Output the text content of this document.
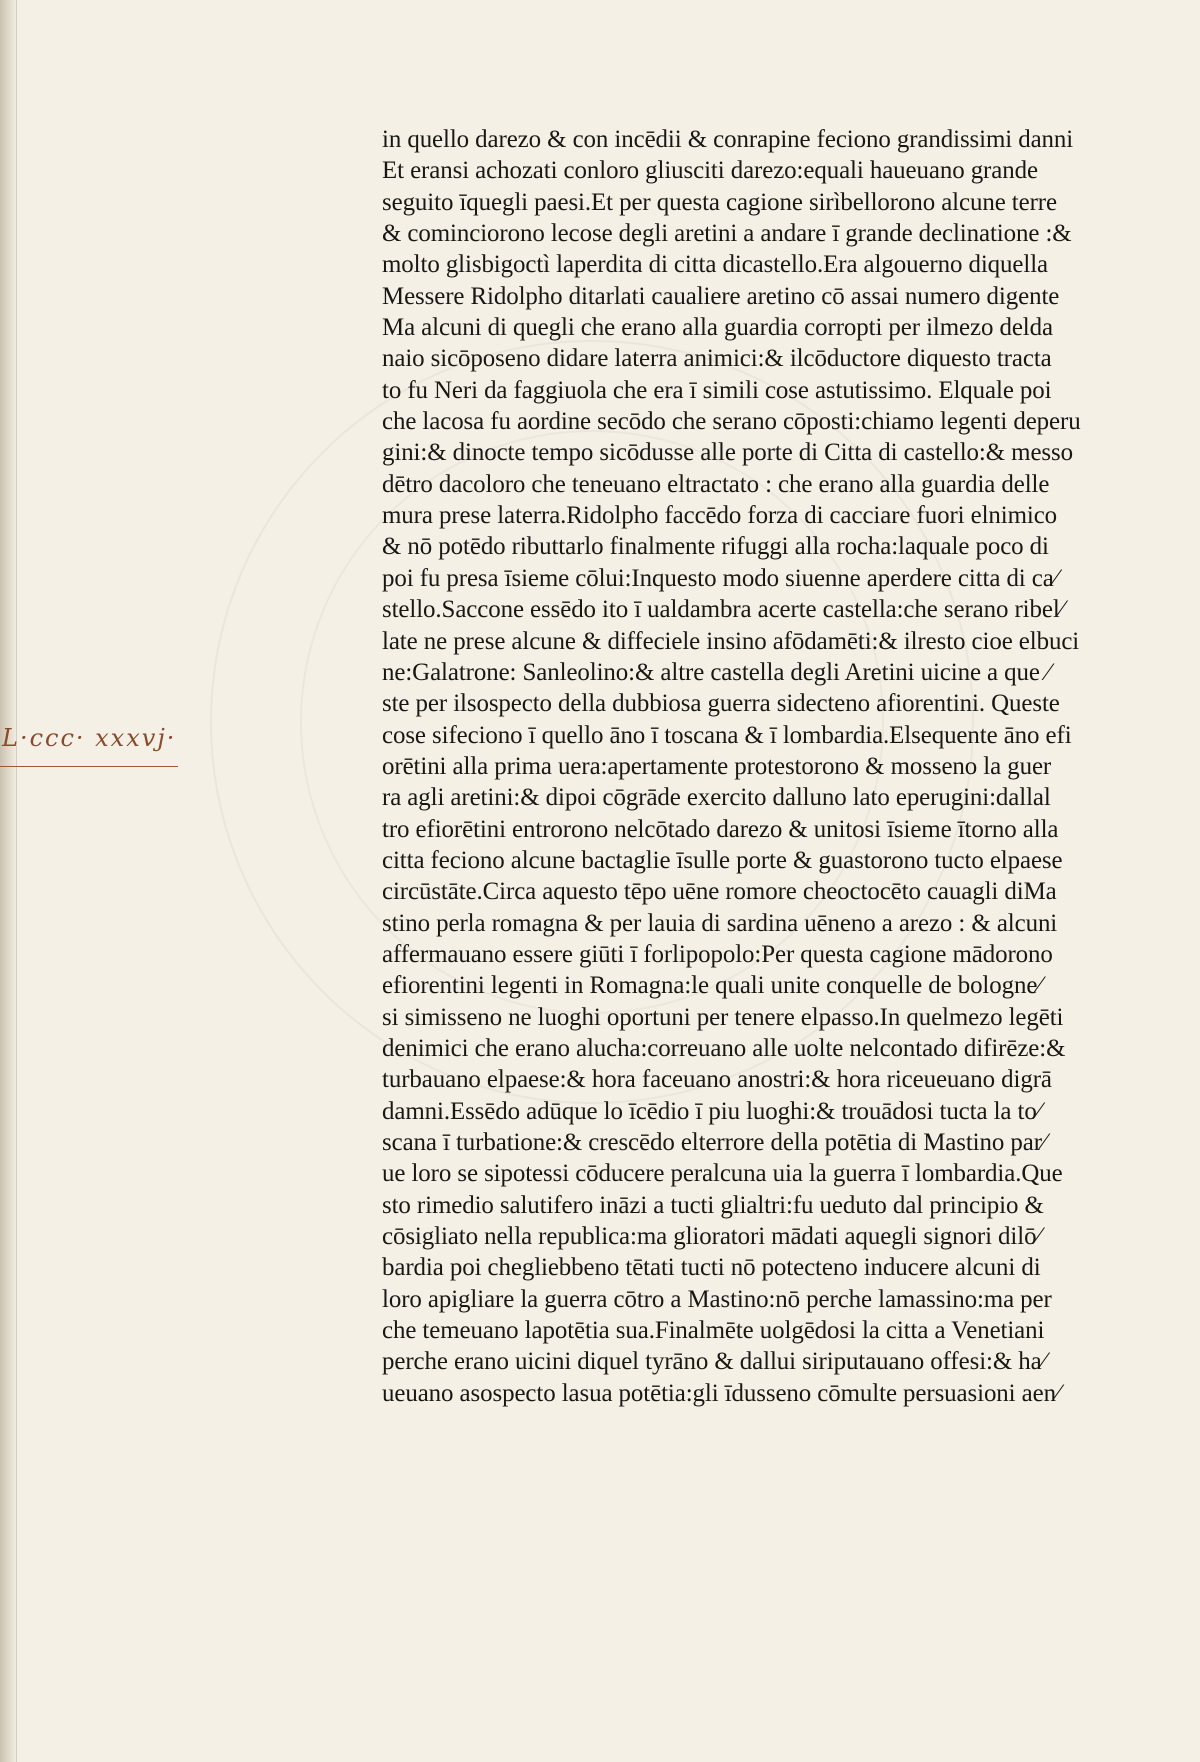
L·ccc· xxxvj·
in quello darezo & con incēdii & conrapine feciono grandissimi danni
Et eransi achozati conloro gliusciti darezo:equali haueuano grande
seguito īquegli paesi.Et per questa cagione sirìbellorono alcune terre
& cominciorono lecose degli aretini a andare ī grande declinatione :&
molto glisbigoctì laperdita di citta dicastello.Era algouerno diquella
Messere Ridolpho ditarlati caualiere aretino cō assai numero digente
Ma alcuni di quegli che erano alla guardia corropti per ilmezo delda
naio sicōposeno didare laterra animici:& ilcōductore diquesto tracta
to fu Neri da faggiuola che era ī simili cose astutissimo. Elquale poi
che lacosa fu aordine secōdo che serano cōposti:chiamo legenti deperu
gini:& dinocte tempo sicōdusse alle porte di Citta di castello:& messo
dētro dacoloro che teneuano eltractato : che erano alla guardia delle
mura prese laterra.Ridolpho faccēdo forza di cacciare fuori elnimico
& nō potēdo ributtarlo finalmente rifuggi alla rocha:laquale poco di
poi fu presa īsieme cōlui:Inquesto modo siuenne aperdere citta di ca⁄
stello.Saccone essēdo ito ī ualdambra acerte castella:che serano ribel⁄
late ne prese alcune & diffeciele insino afōdamēti:& ilresto cioe elbuci
ne:Galatrone: Sanleolino:& altre castella degli Aretini uicine a que ⁄
ste per ilsospecto della dubbiosa guerra sidecteno afiorentini. Queste
cose sifeciono ī quello āno ī toscana & ī lombardia.Elsequente āno efi
orētini alla prima uera:apertamente protestorono & mosseno la guer
ra agli aretini:& dipoi cōgrāde exercito dalluno lato eperugini:dallal
tro efiorētini entrorono nelcōtado darezo & unitosi īsieme ītorno alla
citta feciono alcune bactaglie īsulle porte & guastorono tucto elpaese
circūstāte.Circa aquesto tēpo uēne romore cheoctocēto cauagli diMa
stino perla romagna & per lauia di sardina uēneno a arezo : & alcuni
affermauano essere giūti ī forlipopolo:Per questa cagione mādorono
efiorentini legenti in Romagna:le quali unite conquelle de bologne⁄
si simisseno ne luoghi oportuni per tenere elpasso.In quelmezo legēti
denimici che erano alucha:correuano alle uolte nelcontado difirēze:&
turbauano elpaese:& hora faceuano anostri:& hora riceueuano digrā
damni.Essēdo adūque lo īcēdio ī piu luoghi:& trouādosi tucta la to⁄
scana ī turbatione:& crescēdo elterrore della potētia di Mastino par⁄
ue loro se sipotessi cōducere peralcuna uia la guerra ī lombardia.Que
sto rimedio salutifero ināzi a tucti glialtri:fu ueduto dal principio &
cōsigliato nella republica:ma glioratori mādati aquegli signori dilō⁄
bardia poi chegliebbeno tētati tucti nō potecteno inducere alcuni di
loro apigliare la guerra cōtro a Mastino:nō perche lamassino:ma per
che temeuano lapotētia sua.Finalmēte uolgēdosi la citta a Venetiani
perche erano uicini diquel tyrāno & dallui siriputauano offesi:& ha⁄
ueuano asospecto lasua potētia:gli īdusseno cōmulte persuasioni aen⁄
